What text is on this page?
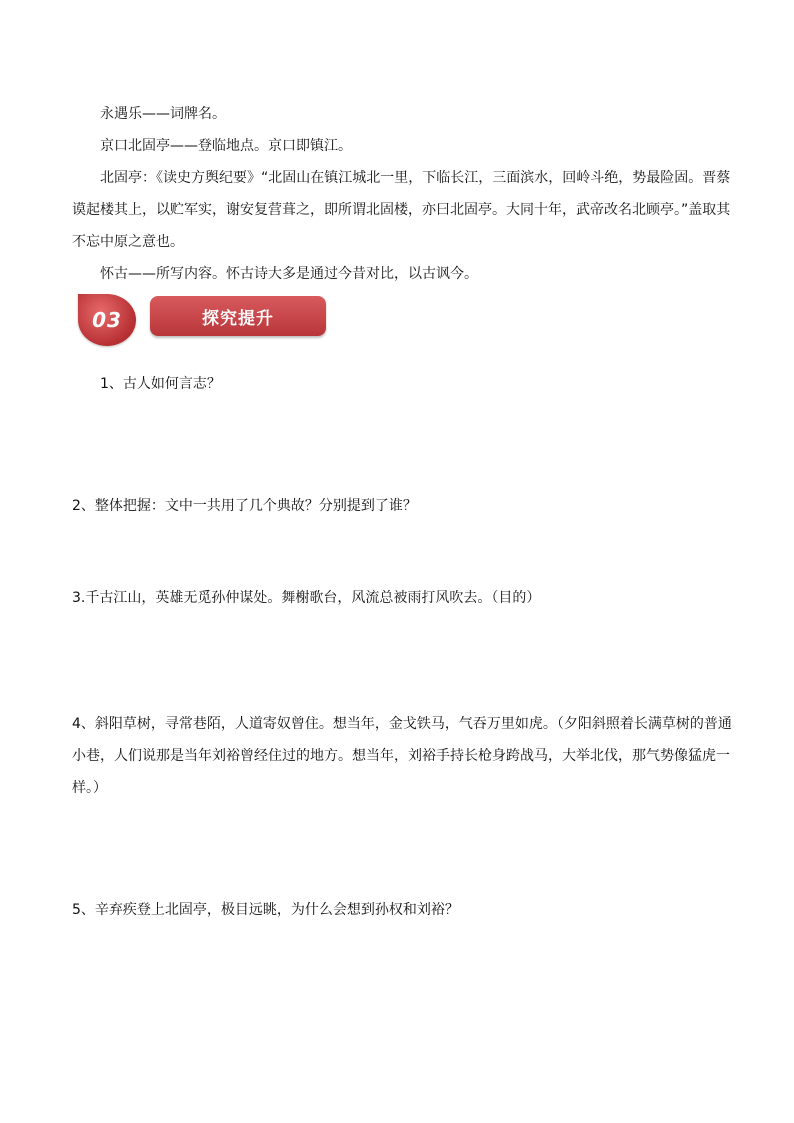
永遇乐——词牌名。

京口北固亭——登临地点。京口即镇江。

北固亭：《读史方舆纪要》“北固山在镇江城北一里，下临长江，三面滨水，回岭斗绝，势最险固。晋蔡谟起楼其上，以贮军实，谢安复营葺之，即所谓北固楼，亦曰北固亭。大同十年，武帝改名北顾亭。”盖取其不忘中原之意也。

怀古——所写内容。怀古诗大多是通过今昔对比，以古讽今。

03	探究提升

1、古人如何言志？

2、整体把握：文中一共用了几个典故？分别提到了谁？

3.千古江山，英雄无觅孙仲谋处。舞榭歌台，风流总被雨打风吹去。（目的）

4、斜阳草树，寻常巷陌，人道寄奴曾住。想当年，金戈铁马，气吞万里如虎。（夕阳斜照着长满草树的普通小巷，人们说那是当年刘裕曾经住过的地方。想当年，刘裕手持长枪身跨战马，大举北伐，那气势像猛虎一样。）

5、辛弃疾登上北固亭，极目远眺，为什么会想到孙权和刘裕？
